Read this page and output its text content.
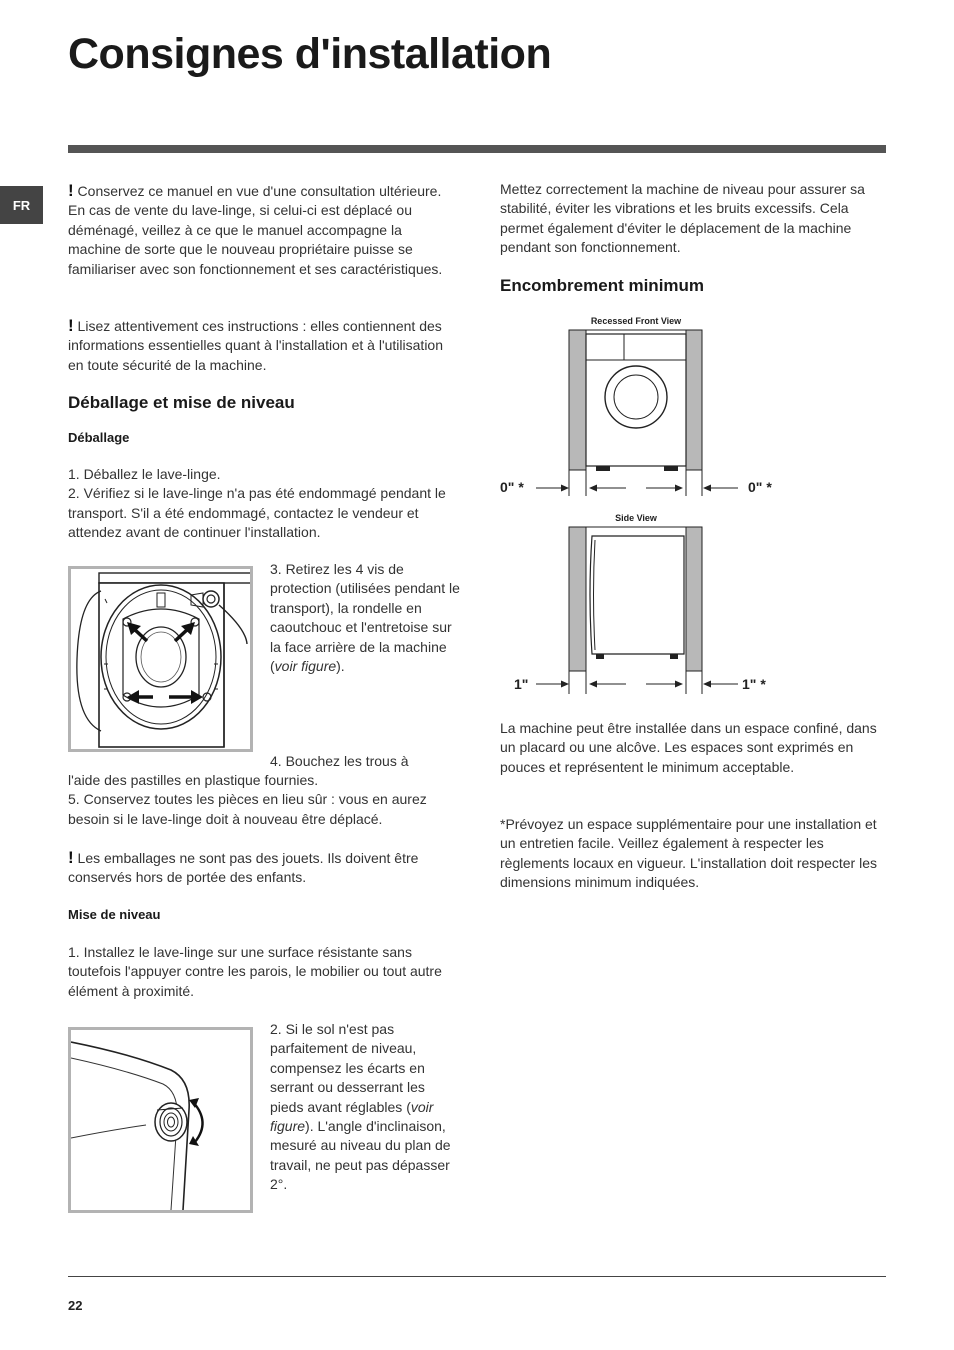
Consignes d'installation
FR

! Conservez ce manuel en vue d'une consultation ultérieure. En cas de vente du lave-linge, si celui-ci est déplacé ou déménagé, veillez à ce que le manuel accompagne la machine de sorte que le nouveau propriétaire puisse se familiariser avec son fonctionnement et ses caractéristiques.

! Lisez attentivement ces instructions : elles contiennent des informations essentielles quant à l'installation et à l'utilisation en toute sécurité de la machine.

Déballage et mise de niveau
Déballage

1. Déballez le lave-linge.

2. Vérifiez si le lave-linge n'a pas été endommagé pendant le transport. S'il a été endommagé, contactez le vendeur et attendez avant de continuer l'installation.

3. Retirez les 4 vis de protection (utilisées pendant le transport), la rondelle en caoutchouc et l'entretoise sur la face arrière de la machine (voir figure).

4. Bouchez les trous à

l'aide des pastilles en plastique fournies.

5. Conservez toutes les pièces en lieu sûr : vous en aurez besoin si le lave-linge doit à nouveau être déplacé.

! Les emballages ne sont pas des jouets. Ils doivent être conservés hors de portée des enfants.

Mise de niveau
1. Installez le lave-linge sur une surface résistante sans toutefois l'appuyer contre les parois, le mobilier ou tout autre élément à proximité.

2. Si le sol n'est pas parfaitement de niveau, compensez les écarts en serrant ou desserrant les pieds avant réglables (voir figure). L'angle d'inclinaison, mesuré au niveau du plan de travail, ne peut pas dépasser 2°.

Mettez correctement la machine de niveau pour assurer sa stabilité, éviter les vibrations et les bruits excessifs. Cela permet également d'éviter le déplacement de la machine pendant son fonctionnement.
Encombrement minimum
Recessed Front View
0" *	0" *
Side View
1"	1" *
La machine peut être installée dans un espace confiné, dans un placard ou une alcôve. Les espaces sont exprimés en pouces et représentent le minimum acceptable.
*Prévoyez un espace supplémentaire pour une installation et un entretien facile. Veillez également à respecter les règlements locaux en vigueur. L'installation doit respecter les dimensions minimum indiquées.
22
